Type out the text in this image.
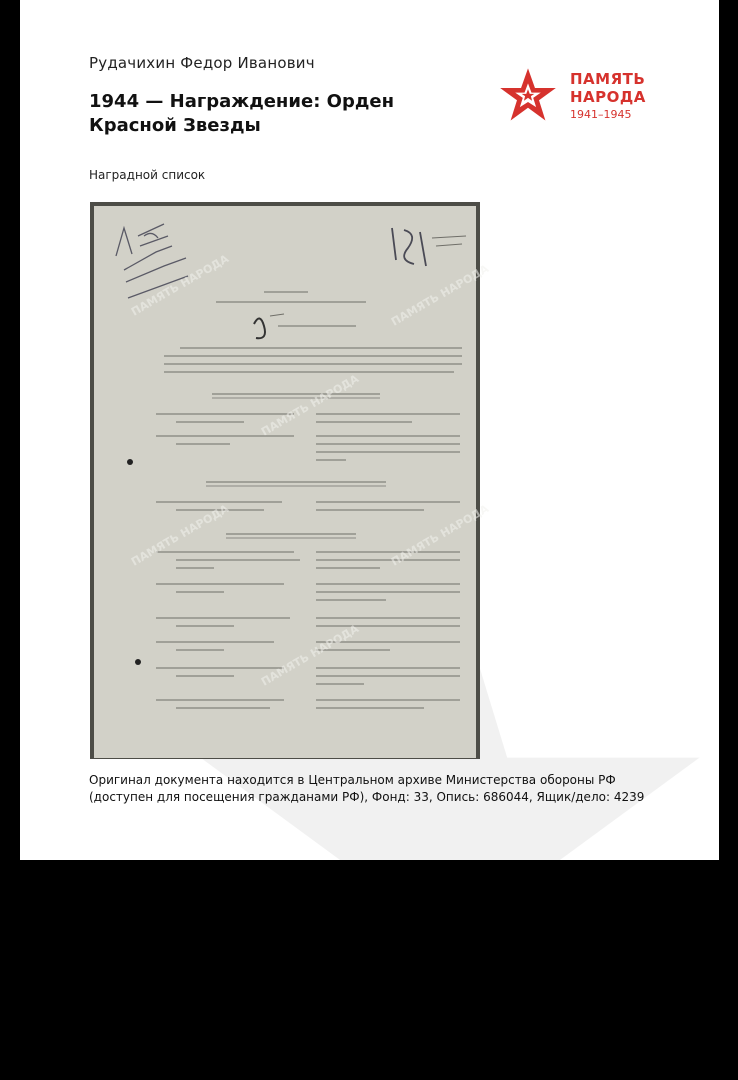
Рудачихин Федор Иванович
1944 — Награждение: Орден Красной Звезды
ПАМЯТЬ
НАРОДА
1941–1945
Наградной список
ПАМЯТЬ НАРОДА	ПАМЯТЬ НАРОДА
ПАМЯТЬ НАРОДА
ПАМЯТЬ НАРОДА
ПАМЯТЬ НАРОДА
ПАМЯТЬ НАРОДА
Оригинал документа находится в Центральном архиве Министерства обороны РФ (доступен для посещения гражданами РФ), Фонд: 33, Опись: 686044, Ящик/дело: 4239
